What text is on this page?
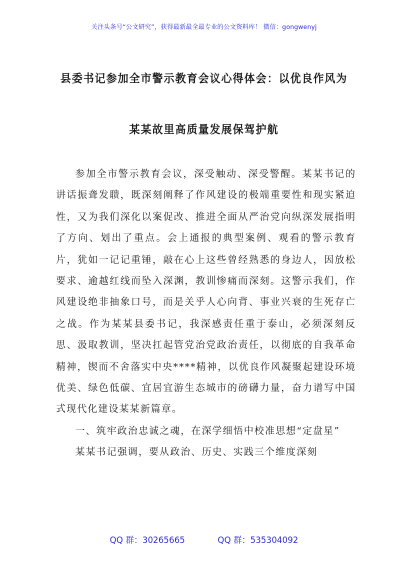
关注头条号“公文研究”，获得最新最全最专业的公文资料库！ 微信：gongwenyj
县委书记参加全市警示教育会议心得体会：以优良作风为
某某故里高质量发展保驾护航

参加全市警示教育会议，深受触动、深受警醒。某某书记的讲话振聋发聩，既深刻阐释了作风建设的极端重要性和现实紧迫性，又为我们深化以案促改、推进全面从严治党向纵深发展指明了方向、划出了重点。会上通报的典型案例、观看的警示教育片，犹如一记记重锤，敲在心上这些曾经熟悉的身边人，因放松要求、逾越红线而坠入深渊，教训惨痛而深刻。这警示我们，作风建设绝非抽象口号，而是关乎人心向背、事业兴衰的生死存亡之战。作为某某县委书记，我深感责任重于泰山，必须深刻反思、汲取教训，坚决扛起管党治党政治责任，以彻底的自我革命精神，锲而不舍落实中央****精神，以优良作风凝聚起建设环境优美、绿色低碳、宜居宜游生态城市的磅礴力量，奋力谱写中国式现代化建设某某新篇章。

一、筑牢政治忠诚之魂，在深学细悟中校准思想“定盘星”

某某书记强调，要从政治、历史、实践三个维度深刻

QQ 群：30265665	QQ 群：535304092
